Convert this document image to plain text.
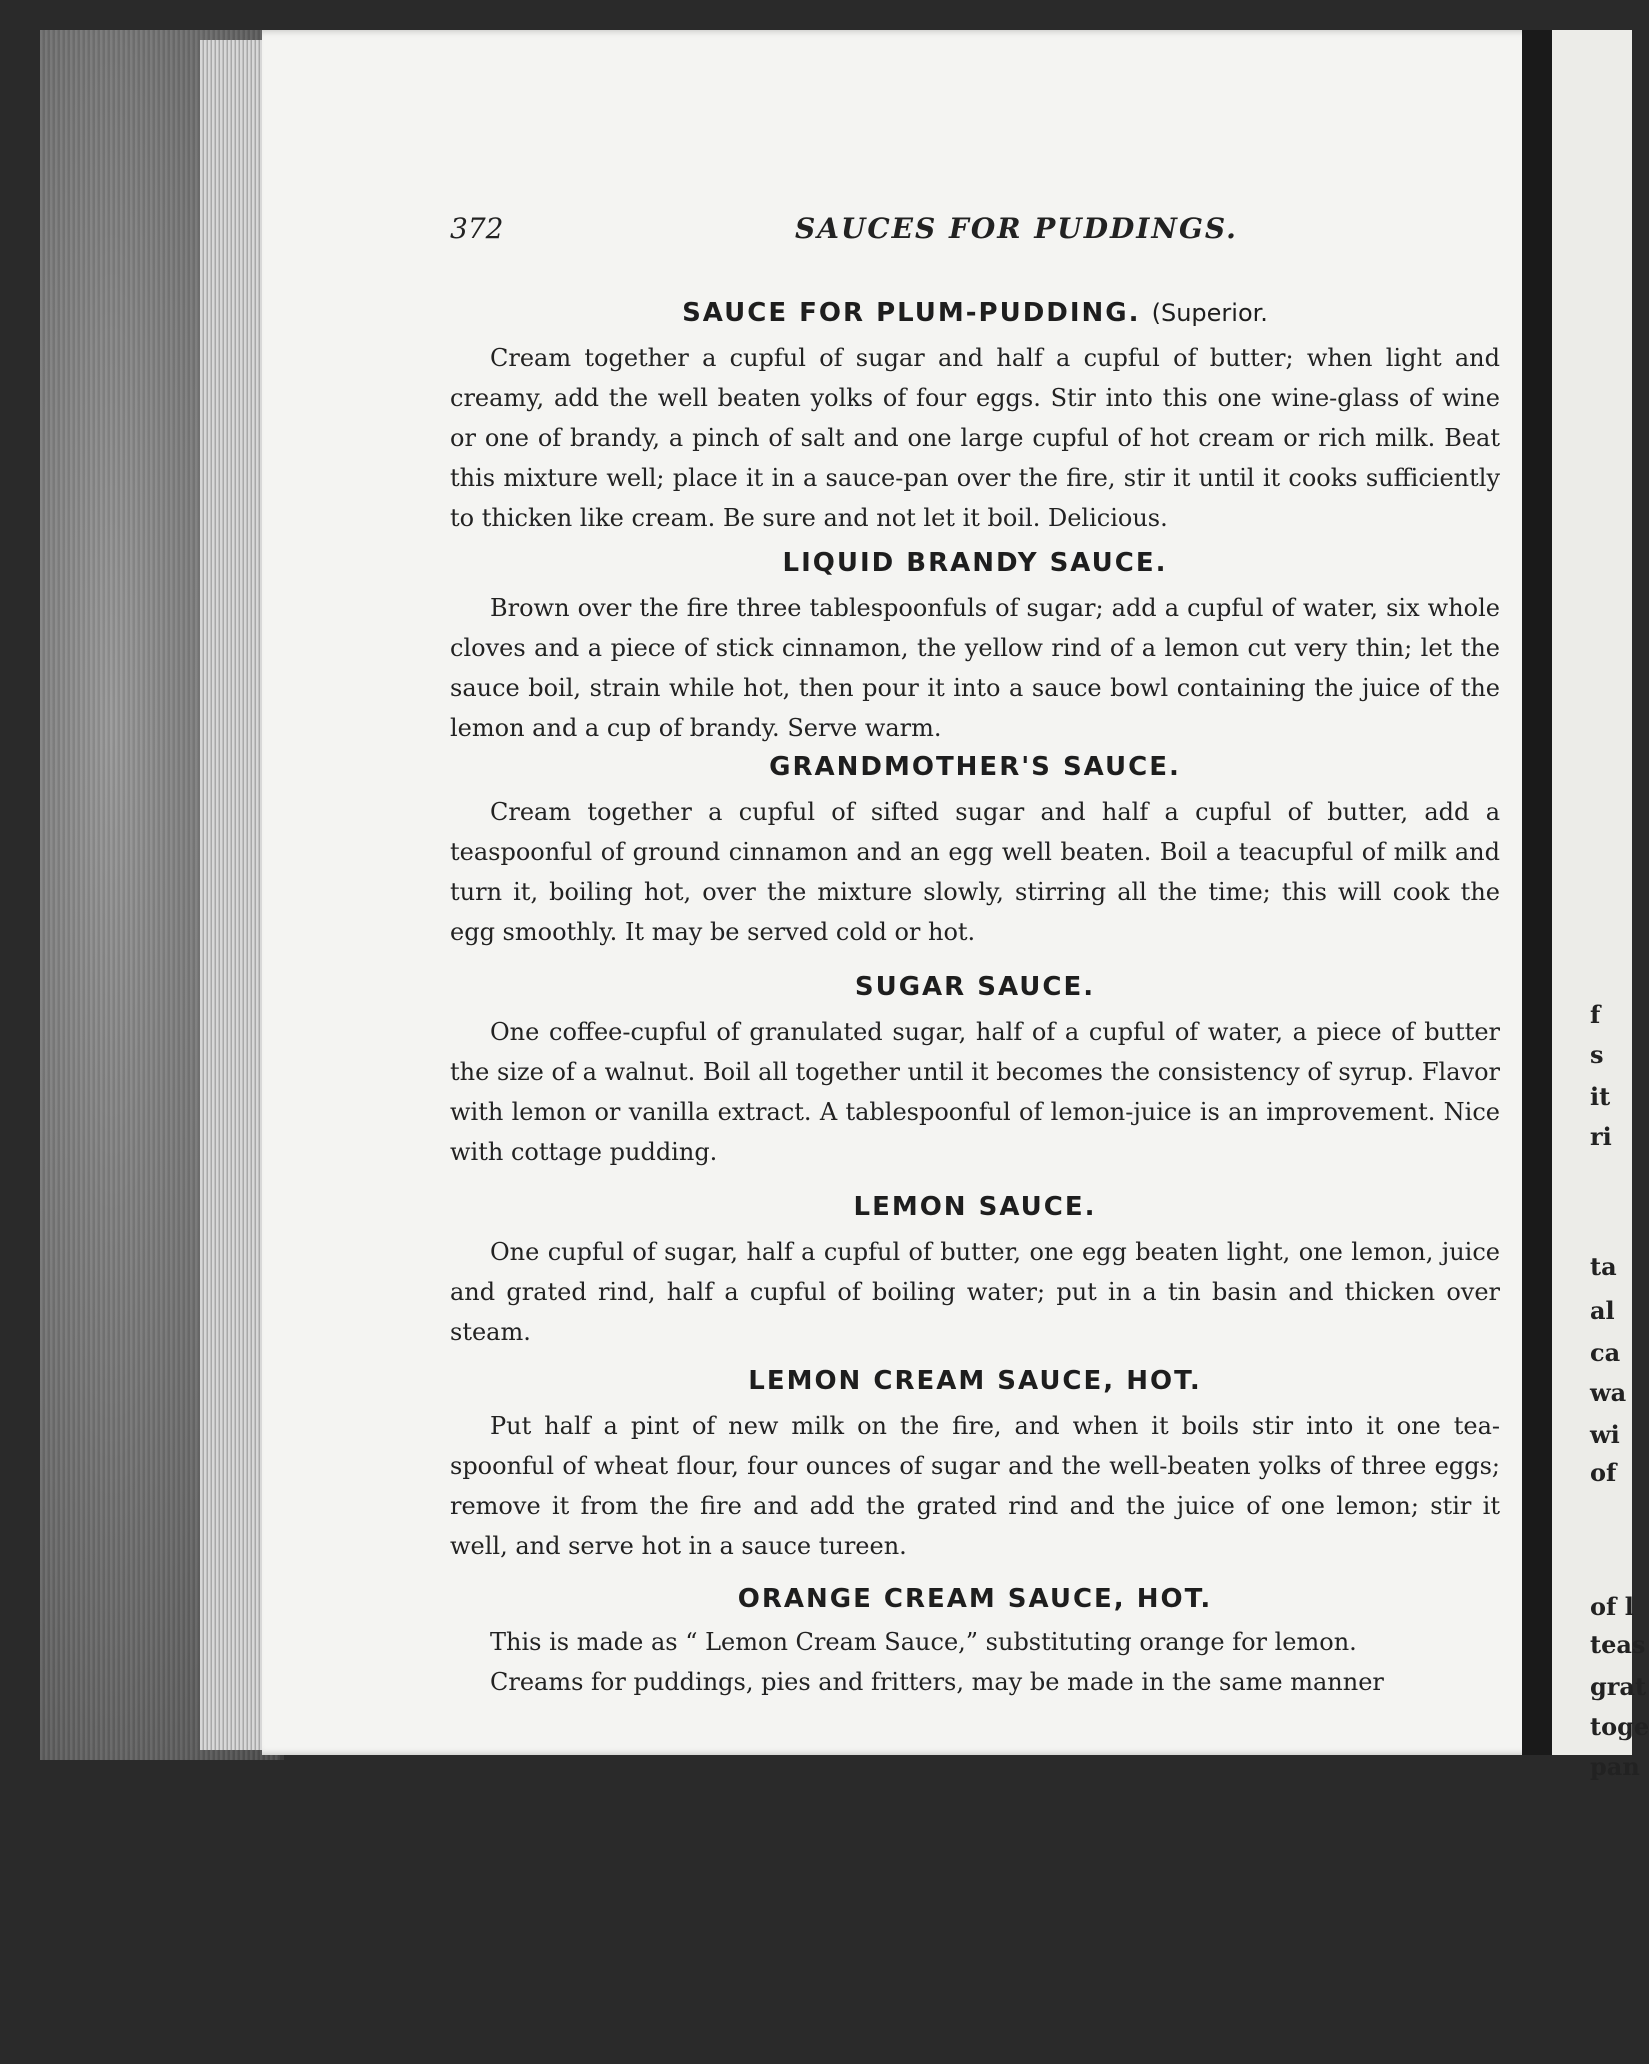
f
s
it
ri
ta
al
ca
wa
wi
of
of l
teas
grat
toge
pan
372	SAUCES FOR PUDDINGS.
SAUCE FOR PLUM-PUDDING. (Superior.

Cream together a cupful of sugar and half a cupful of butter; when light and creamy, add the well beaten yolks of four eggs. Stir into this one wine-glass of wine or one of brandy, a pinch of salt and one large cupful of hot cream or rich milk. Beat this mixture well; place it in a sauce-pan over the fire, stir it until it cooks sufficiently to thicken like cream. Be sure and not let it boil. Delicious.

LIQUID BRANDY SAUCE.

Brown over the fire three tablespoonfuls of sugar; add a cupful of water, six whole cloves and a piece of stick cinnamon, the yellow rind of a lemon cut very thin; let the sauce boil, strain while hot, then pour it into a sauce bowl containing the juice of the lemon and a cup of brandy. Serve warm.

GRANDMOTHER'S SAUCE.

Cream together a cupful of sifted sugar and half a cupful of butter, add a teaspoonful of ground cinnamon and an egg well beaten. Boil a teacupful of milk and turn it, boiling hot, over the mixture slowly, stirring all the time; this will cook the egg smoothly. It may be served cold or hot.

SUGAR SAUCE.

One coffee-cupful of granulated sugar, half of a cupful of water, a piece of butter the size of a walnut. Boil all together until it becomes the consistency of syrup. Flavor with lemon or vanilla extract. A tablespoonful of lemon-juice is an improvement. Nice with cottage pudding.

LEMON SAUCE.

One cupful of sugar, half a cupful of butter, one egg beaten light, one lemon, juice and grated rind, half a cupful of boiling water; put in a tin basin and thicken over steam.

LEMON CREAM SAUCE, HOT.

Put half a pint of new milk on the fire, and when it boils stir into it one tea-spoonful of wheat flour, four ounces of sugar and the well-beaten yolks of three eggs; remove it from the fire and add the grated rind and the juice of one lemon; stir it well, and serve hot in a sauce tureen.

ORANGE CREAM SAUCE, HOT.

This is made as “ Lemon Cream Sauce,” substituting orange for lemon.

Creams for puddings, pies and fritters, may be made in the same manner
